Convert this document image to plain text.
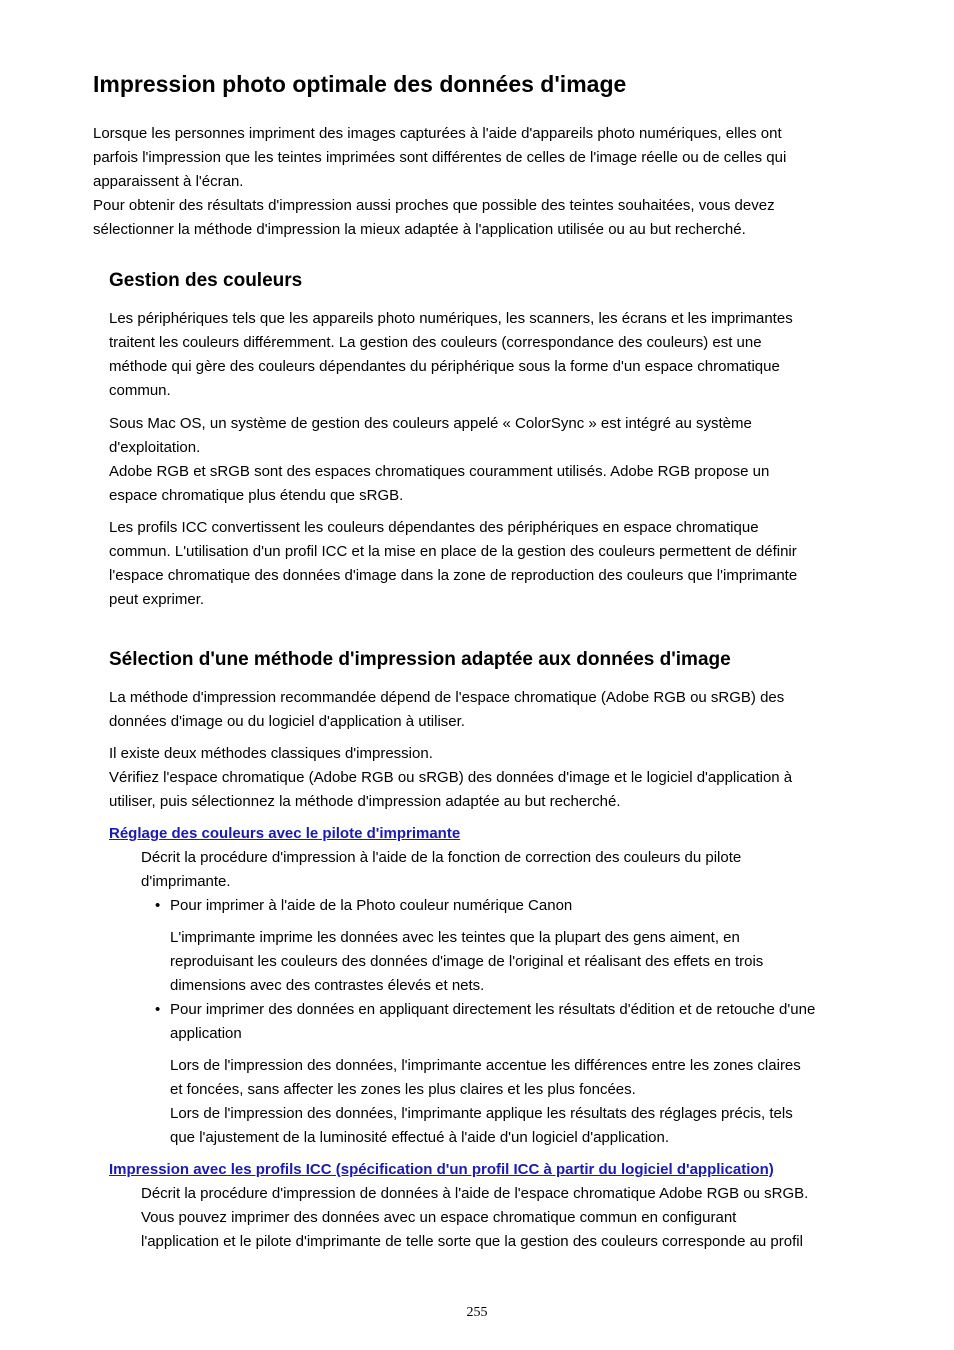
Impression photo optimale des données d'image
Lorsque les personnes impriment des images capturées à l'aide d'appareils photo numériques, elles ont
parfois l'impression que les teintes imprimées sont différentes de celles de l'image réelle ou de celles qui
apparaissent à l'écran.
Pour obtenir des résultats d'impression aussi proches que possible des teintes souhaitées, vous devez
sélectionner la méthode d'impression la mieux adaptée à l'application utilisée ou au but recherché.
Gestion des couleurs
Les périphériques tels que les appareils photo numériques, les scanners, les écrans et les imprimantes
traitent les couleurs différemment. La gestion des couleurs (correspondance des couleurs) est une
méthode qui gère des couleurs dépendantes du périphérique sous la forme d'un espace chromatique
commun.
Sous Mac OS, un système de gestion des couleurs appelé « ColorSync » est intégré au système
d'exploitation.
Adobe RGB et sRGB sont des espaces chromatiques couramment utilisés. Adobe RGB propose un
espace chromatique plus étendu que sRGB.
Les profils ICC convertissent les couleurs dépendantes des périphériques en espace chromatique
commun. L'utilisation d'un profil ICC et la mise en place de la gestion des couleurs permettent de définir
l'espace chromatique des données d'image dans la zone de reproduction des couleurs que l'imprimante
peut exprimer.
Sélection d'une méthode d'impression adaptée aux données d'image
La méthode d'impression recommandée dépend de l'espace chromatique (Adobe RGB ou sRGB) des
données d'image ou du logiciel d'application à utiliser.
Il existe deux méthodes classiques d'impression.
Vérifiez l'espace chromatique (Adobe RGB ou sRGB) des données d'image et le logiciel d'application à
utiliser, puis sélectionnez la méthode d'impression adaptée au but recherché.
Réglage des couleurs avec le pilote d'imprimante
Décrit la procédure d'impression à l'aide de la fonction de correction des couleurs du pilote
d'imprimante.
• Pour imprimer à l'aide de la Photo couleur numérique Canon
L'imprimante imprime les données avec les teintes que la plupart des gens aiment, en
reproduisant les couleurs des données d'image de l'original et réalisant des effets en trois
dimensions avec des contrastes élevés et nets.
• Pour imprimer des données en appliquant directement les résultats d'édition et de retouche d'une
application
Lors de l'impression des données, l'imprimante accentue les différences entre les zones claires
et foncées, sans affecter les zones les plus claires et les plus foncées.
Lors de l'impression des données, l'imprimante applique les résultats des réglages précis, tels
que l'ajustement de la luminosité effectué à l'aide d'un logiciel d'application.
Impression avec les profils ICC (spécification d'un profil ICC à partir du logiciel d'application)
Décrit la procédure d'impression de données à l'aide de l'espace chromatique Adobe RGB ou sRGB.
Vous pouvez imprimer des données avec un espace chromatique commun en configurant
l'application et le pilote d'imprimante de telle sorte que la gestion des couleurs corresponde au profil
255
